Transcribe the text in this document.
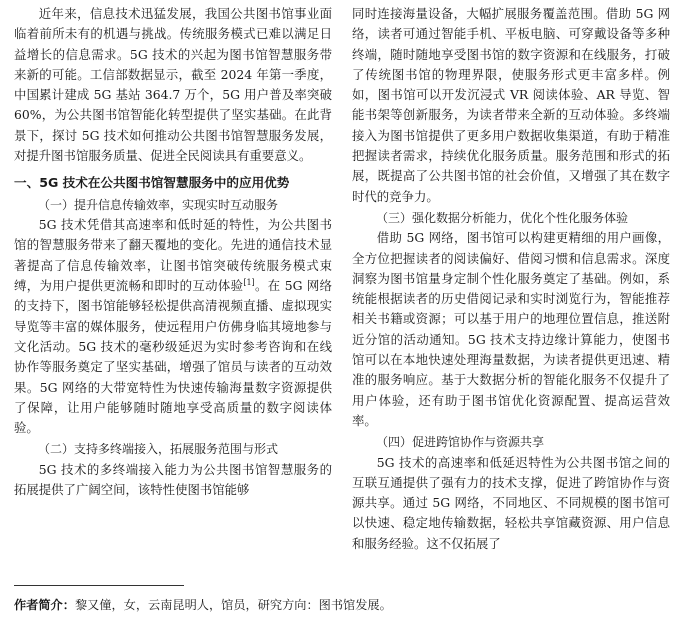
近年来，信息技术迅猛发展，我国公共图书馆事业面临着前所未有的机遇与挑战。传统服务模式已难以满足日益增长的信息需求。5G 技术的兴起为图书馆智慧服务带来新的可能。工信部数据显示，截至 2024 年第一季度，中国累计建成 5G 基站 364.7 万个，5G 用户普及率突破 60%，为公共图书馆智能化转型提供了坚实基础。在此背景下，探讨 5G 技术如何推动公共图书馆智慧服务发展，对提升图书馆服务质量、促进全民阅读具有重要意义。

一、5G 技术在公共图书馆智慧服务中的应用优势

（一）提升信息传输效率，实现实时互动服务

5G 技术凭借其高速率和低时延的特性，为公共图书馆的智慧服务带来了翻天覆地的变化。先进的通信技术显著提高了信息传输效率，让图书馆突破传统服务模式束缚，为用户提供更流畅和即时的互动体验[1]。在 5G 网络的支持下，图书馆能够轻松提供高清视频直播、虚拟现实导览等丰富的媒体服务，使远程用户仿佛身临其境地参与文化活动。5G 技术的毫秒级延迟为实时参考咨询和在线协作等服务奠定了坚实基础，增强了馆员与读者的互动效果。5G 网络的大带宽特性为快速传输海量数字资源提供了保障，让用户能够随时随地享受高质量的数字阅读体验。

（二）支持多终端接入，拓展服务范围与形式

5G 技术的多终端接入能力为公共图书馆智慧服务的拓展提供了广阔空间，该特性使图书馆能够

同时连接海量设备，大幅扩展服务覆盖范围。借助 5G 网络，读者可通过智能手机、平板电脑、可穿戴设备等多种终端，随时随地享受图书馆的数字资源和在线服务，打破了传统图书馆的物理界限，使服务形式更丰富多样。例如，图书馆可以开发沉浸式 VR 阅读体验、AR 导览、智能书架等创新服务，为读者带来全新的互动体验。多终端接入为图书馆提供了更多用户数据收集渠道，有助于精准把握读者需求，持续优化服务质量。服务范围和形式的拓展，既提高了公共图书馆的社会价值，又增强了其在数字时代的竞争力。

（三）强化数据分析能力，优化个性化服务体验

借助 5G 网络，图书馆可以构建更精细的用户画像，全方位把握读者的阅读偏好、借阅习惯和信息需求。深度洞察为图书馆量身定制个性化服务奠定了基础。例如，系统能根据读者的历史借阅记录和实时浏览行为，智能推荐相关书籍或资源；可以基于用户的地理位置信息，推送附近分馆的活动通知。5G 技术支持边缘计算能力，使图书馆可以在本地快速处理海量数据，为读者提供更迅速、精准的服务响应。基于大数据分析的智能化服务不仅提升了用户体验，还有助于图书馆优化资源配置、提高运营效率。

（四）促进跨馆协作与资源共享

5G 技术的高速率和低延迟特性为公共图书馆之间的互联互通提供了强有力的技术支撑，促进了跨馆协作与资源共享。通过 5G 网络，不同地区、不同规模的图书馆可以快速、稳定地传输数据，轻松共享馆藏资源、用户信息和服务经验。这不仅拓展了

作者简介：黎又僮，女，云南昆明人，馆员，研究方向：图书馆发展。
